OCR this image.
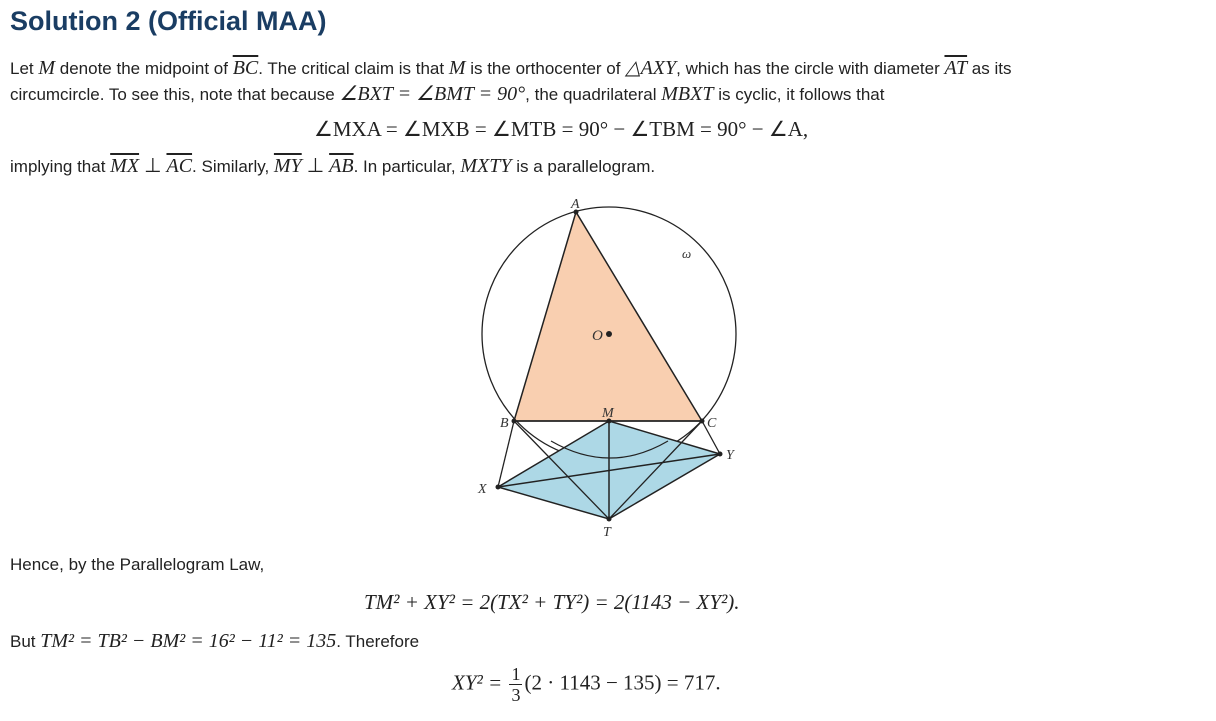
Solution 2 (Official MAA)
Let M denote the midpoint of $\overline{BC}$. The critical claim is that M is the orthocenter of △AXY, which has the circle with diameter $\overline{AT}$ as its
circumcircle. To see this, note that because ∠BXT = ∠BMT = 90°, the quadrilateral MBXT is cyclic, it follows that
∠MXA = ∠MXB = ∠MTB = 90° − ∠TBM = 90° − ∠A,
implying that $\overline{MX}$ ⊥ $\overline{AC}$. Similarly, $\overline{MY}$ ⊥ $\overline{AB}$. In particular, MXTY is a parallelogram.
A
B	C
M
X
Y
T
O
ω
Hence, by the Parallelogram Law,
TM² + XY² = 2(TX² + TY²) = 2(1143 − XY²).
But TM² = TB² − BM² = 16² − 11² = 135. Therefore
$XY^2 = \frac{1}{3} (2 \cdot 1143 - 135) = 717$.
